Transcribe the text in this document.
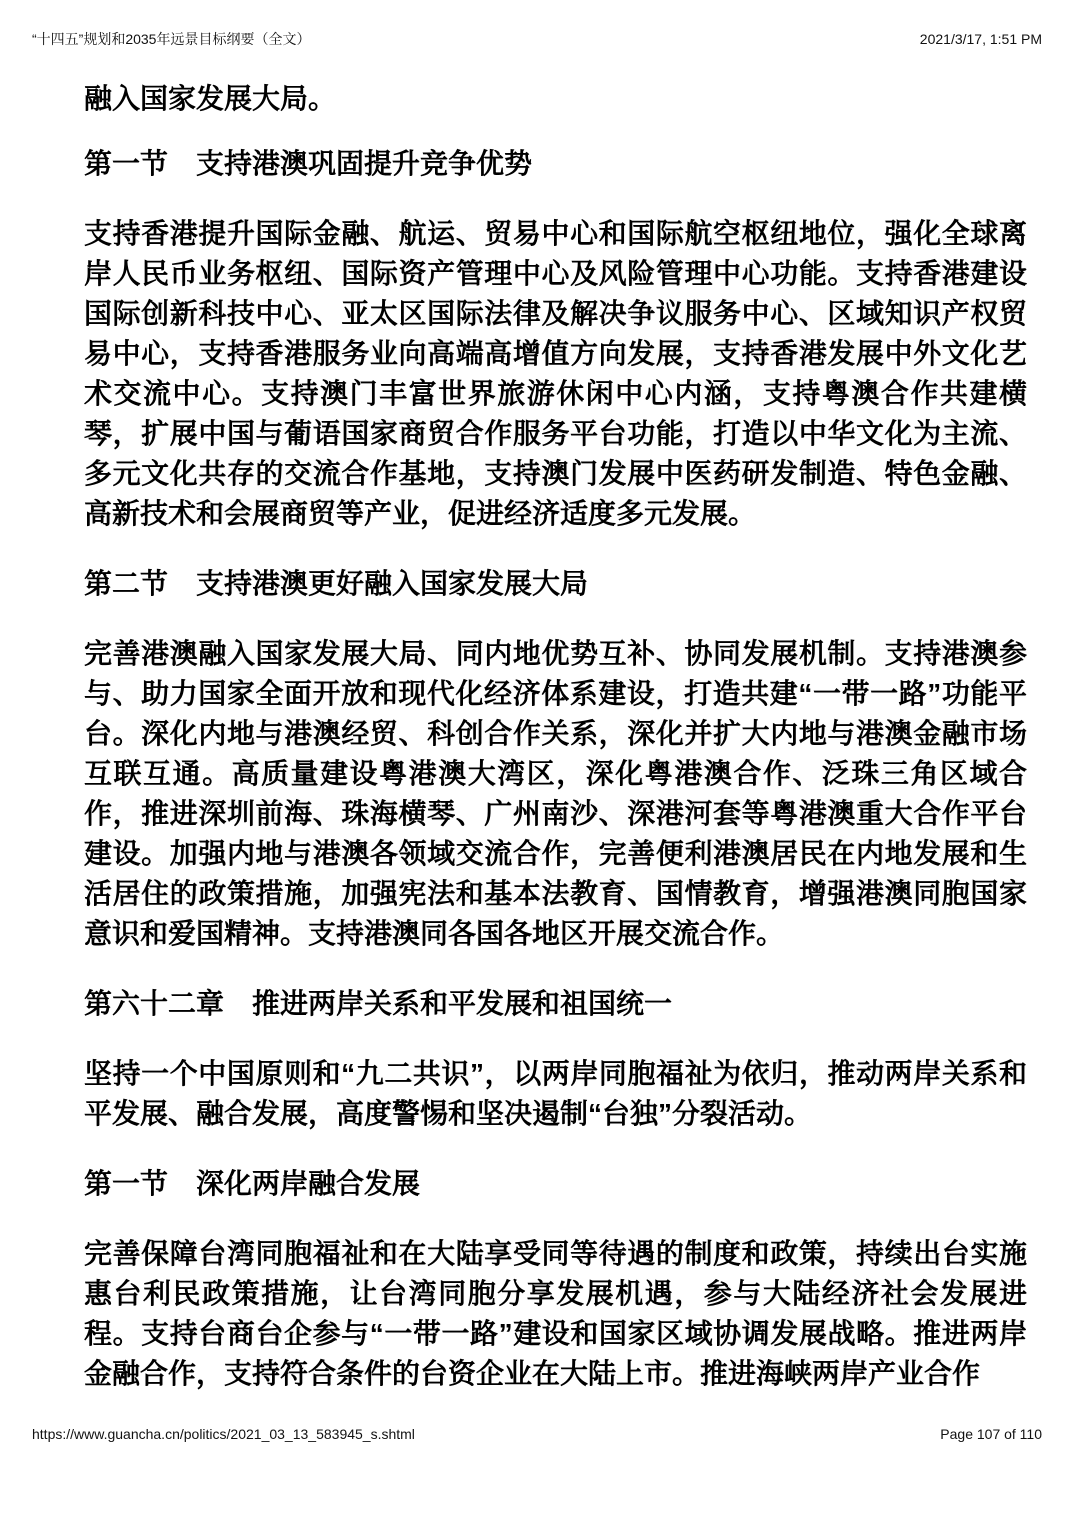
“十四五”规划和2035年远景目标纲要（全文）	2021/3/17, 1:51 PM

融入国家发展大局。

第一节　支持港澳巩固提升竞争优势

支持香港提升国际金融、航运、贸易中心和国际航空枢纽地位，强化全球离岸人民币业务枢纽、国际资产管理中心及风险管理中心功能。支持香港建设国际创新科技中心、亚太区国际法律及解决争议服务中心、区域知识产权贸易中心，支持香港服务业向高端高增值方向发展，支持香港发展中外文化艺术交流中心。支持澳门丰富世界旅游休闲中心内涵，支持粤澳合作共建横琴，扩展中国与葡语国家商贸合作服务平台功能，打造以中华文化为主流、多元文化共存的交流合作基地，支持澳门发展中医药研发制造、特色金融、高新技术和会展商贸等产业，促进经济适度多元发展。

第二节　支持港澳更好融入国家发展大局

完善港澳融入国家发展大局、同内地优势互补、协同发展机制。支持港澳参与、助力国家全面开放和现代化经济体系建设，打造共建“一带一路”功能平台。深化内地与港澳经贸、科创合作关系，深化并扩大内地与港澳金融市场互联互通。高质量建设粤港澳大湾区，深化粤港澳合作、泛珠三角区域合作，推进深圳前海、珠海横琴、广州南沙、深港河套等粤港澳重大合作平台建设。加强内地与港澳各领域交流合作，完善便利港澳居民在内地发展和生活居住的政策措施，加强宪法和基本法教育、国情教育，增强港澳同胞国家意识和爱国精神。支持港澳同各国各地区开展交流合作。

第六十二章　推进两岸关系和平发展和祖国统一

坚持一个中国原则和“九二共识”，以两岸同胞福祉为依归，推动两岸关系和平发展、融合发展，高度警惕和坚决遏制“台独”分裂活动。

第一节　深化两岸融合发展

完善保障台湾同胞福祉和在大陆享受同等待遇的制度和政策，持续出台实施惠台利民政策措施，让台湾同胞分享发展机遇，参与大陆经济社会发展进程。支持台商台企参与“一带一路”建设和国家区域协调发展战略。推进两岸金融合作，支持符合条件的台资企业在大陆上市。推进海峡两岸产业合作

https://www.guancha.cn/politics/2021_03_13_583945_s.shtml	Page 107 of 110
